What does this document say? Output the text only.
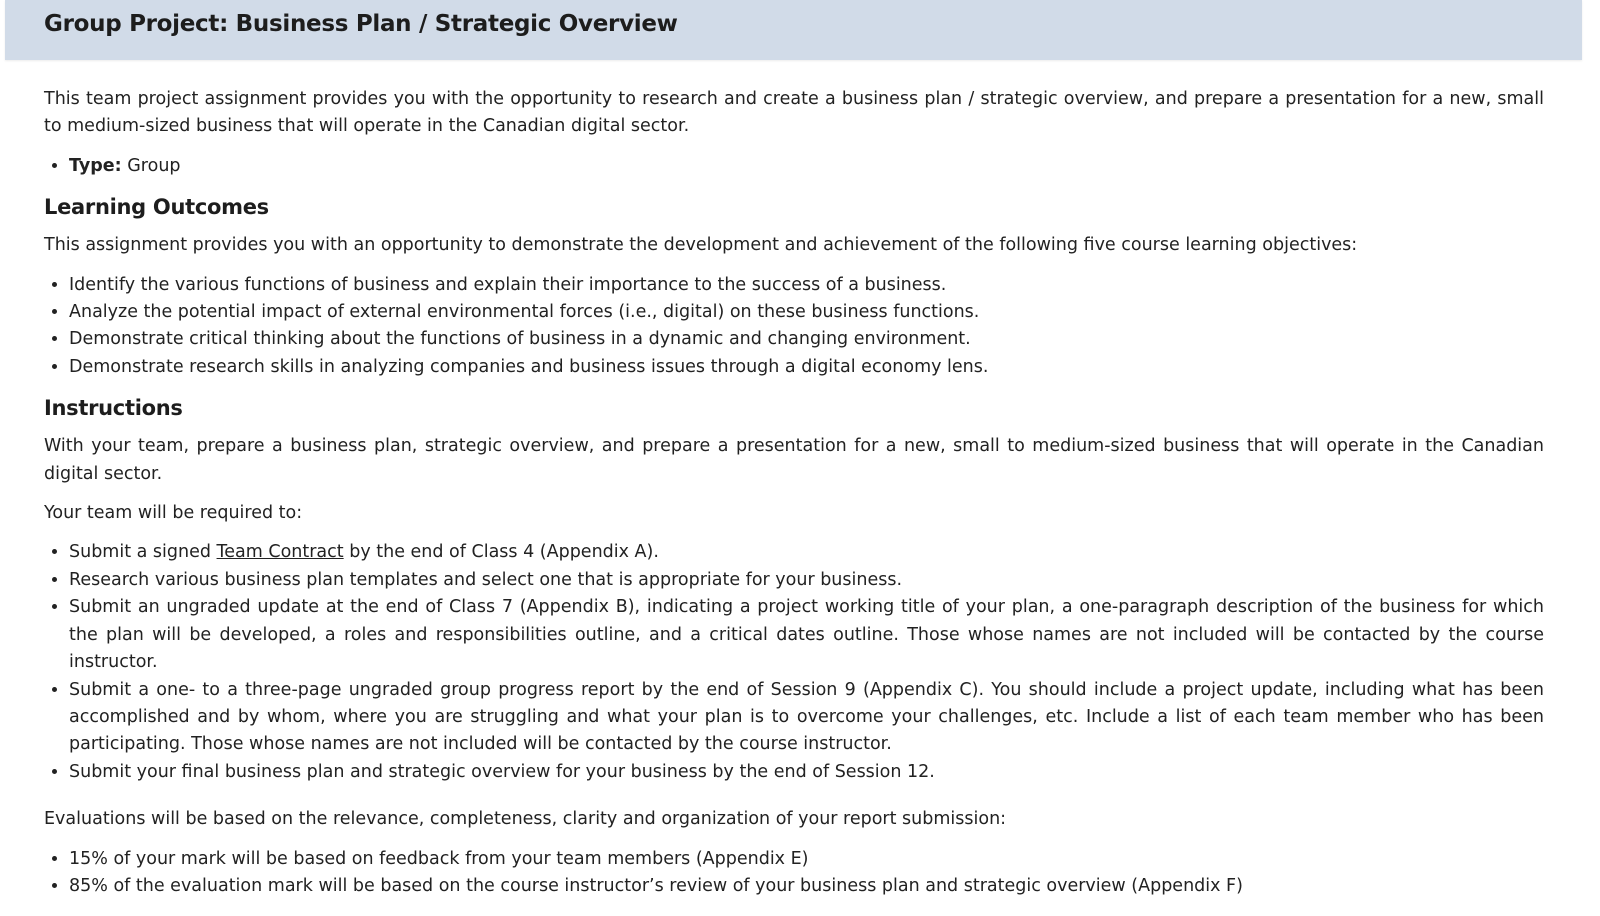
Group Project: Business Plan / Strategic Overview

This team project assignment provides you with the opportunity to research and create a business plan / strategic overview, and prepare a presentation for a new, small to medium-sized business that will operate in the Canadian digital sector.

• Type: Group
Learning Outcomes

This assignment provides you with an opportunity to demonstrate the development and achievement of the following five course learning objectives:

• Identify the various functions of business and explain their importance to the success of a business.
• Analyze the potential impact of external environmental forces (i.e., digital) on these business functions.
• Demonstrate critical thinking about the functions of business in a dynamic and changing environment.
• Demonstrate research skills in analyzing companies and business issues through a digital economy lens.
Instructions

With your team, prepare a business plan, strategic overview, and prepare a presentation for a new, small to medium-sized business that will operate in the Canadian digital sector.

Your team will be required to:

• Submit a signed Team Contract by the end of Class 4 (Appendix A).
• Research various business plan templates and select one that is appropriate for your business.
• Submit an ungraded update at the end of Class 7 (Appendix B), indicating a project working title of your plan, a one-paragraph description of the business for which the plan will be developed, a roles and responsibilities outline, and a critical dates outline. Those whose names are not included will be contacted by the course instructor.
• Submit a one- to a three-page ungraded group progress report by the end of Session 9 (Appendix C). You should include a project update, including what has been accomplished and by whom, where you are struggling and what your plan is to overcome your challenges, etc. Include a list of each team member who has been participating. Those whose names are not included will be contacted by the course instructor.
• Submit your final business plan and strategic overview for your business by the end of Session 12.

Evaluations will be based on the relevance, completeness, clarity and organization of your report submission:

• 15% of your mark will be based on feedback from your team members (Appendix E)
• 85% of the evaluation mark will be based on the course instructor’s review of your business plan and strategic overview (Appendix F)
